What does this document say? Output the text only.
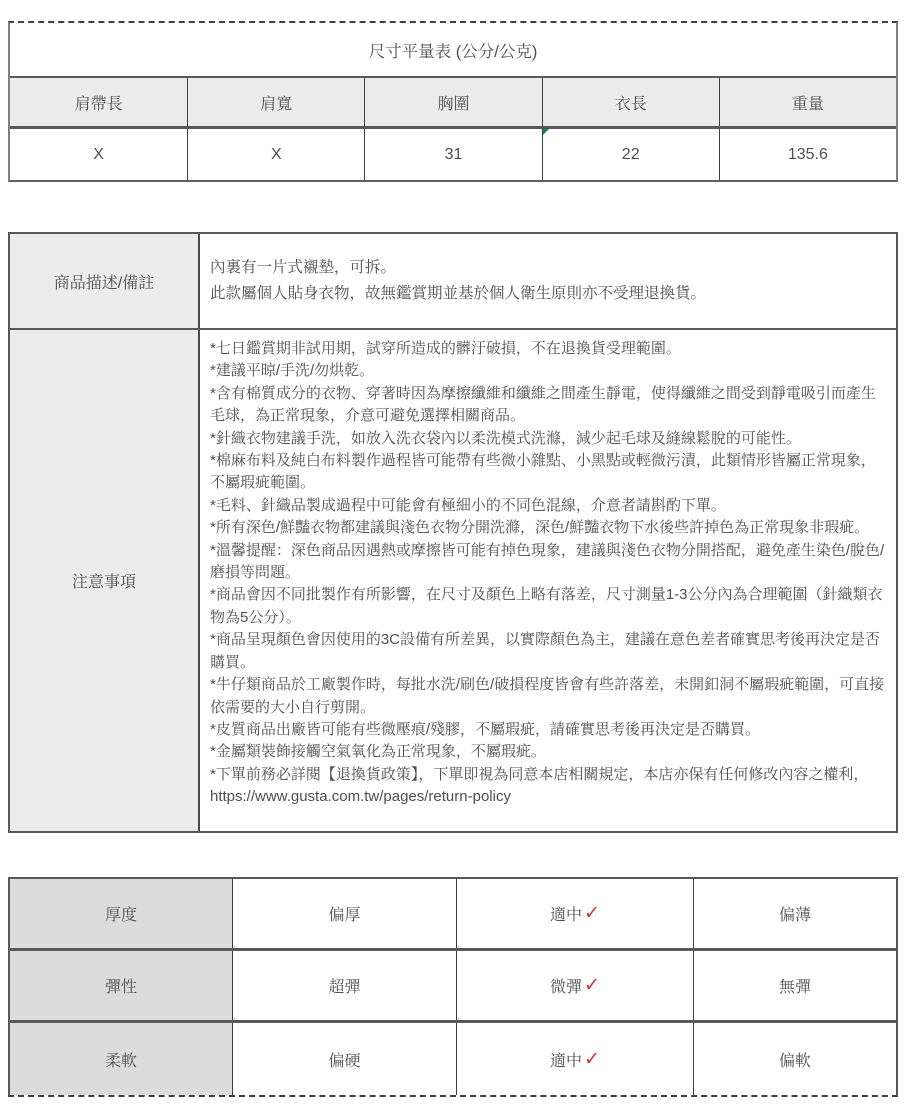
尺寸平量表 (公分/公克)
肩帶長	肩寬	胸圍	衣長	重量
X	X	31	22	135.6
商品描述/備註
內裏有一片式襯墊，可拆。
此款屬個人貼身衣物，故無鑑賞期並基於個人衛生原則亦不受理退換貨。
注意事項
*七日鑑賞期非試用期，試穿所造成的髒汙破損，不在退換貨受理範圍。
*建議平晾/手洗/勿烘乾。
*含有棉質成分的衣物、穿著時因為摩擦纖維和纖維之間產生靜電，使得纖維之間受到靜電吸引而產生毛球，為正常現象，介意可避免選擇相關商品。
*針織衣物建議手洗，如放入洗衣袋內以柔洗模式洗滌，減少起毛球及縫線鬆脫的可能性。
*棉麻布料及純白布料製作過程皆可能帶有些微小雜點、小黑點或輕微污漬，此類情形皆屬正常現象，不屬瑕疵範圍。
*毛料、針織品製成過程中可能會有極細小的不同色混線，介意者請斟酌下單。
*所有深色/鮮豔衣物都建議與淺色衣物分開洗滌，深色/鮮豔衣物下水後些許掉色為正常現象非瑕疵。
*溫馨提醒：深色商品因遇熱或摩擦皆可能有掉色現象，建議與淺色衣物分開搭配，避免產生染色/脫色/磨損等問題。
*商品會因不同批製作有所影響，在尺寸及顏色上略有落差，尺寸測量1-3公分內為合理範圍（針織類衣物為5公分）。
*商品呈現顏色會因使用的3C設備有所差異，以實際顏色為主，建議在意色差者確實思考後再決定是否購買。
*牛仔類商品於工廠製作時，每批水洗/刷色/破損程度皆會有些許落差，未開釦洞不屬瑕疵範圍，可直接依需要的大小自行剪開。
*皮質商品出廠皆可能有些微壓痕/殘膠，不屬瑕疵，請確實思考後再決定是否購買。
*金屬類裝飾接觸空氣氧化為正常現象，不屬瑕疵。
*下單前務必詳閱【退換貨政策】，下單即視為同意本店相關規定，本店亦保有任何修改內容之權利，https://www.gusta.com.tw/pages/return-policy
厚度	偏厚	適中 ✓	偏薄
彈性	超彈	微彈 ✓	無彈
柔軟	偏硬	適中 ✓	偏軟
